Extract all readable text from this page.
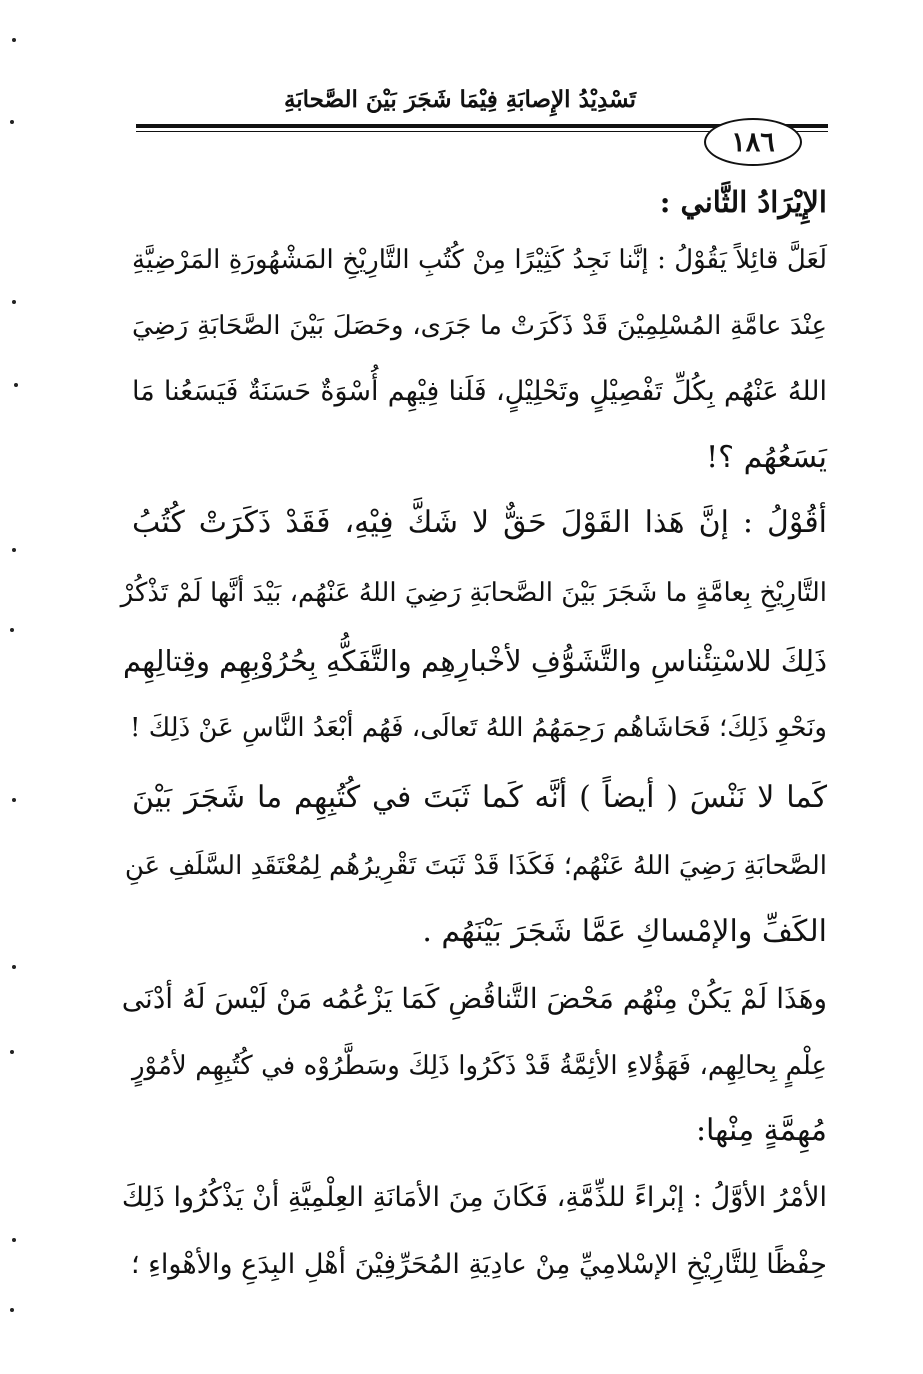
تَسْدِيْدُ الإِصابَةِ فِيْمَا شَجَرَ بَيْنَ الصَّحابَةِ
١٨٦
الإِيْرَادُ الثَّاني :
لَعَلَّ قائِلاً يَقُوْلُ : إنَّنا نَجِدُ كَثِيْرًا مِنْ كُتُبِ التَّارِيْخِ المَشْهُورَةِ المَرْضِيَّةِ
عِنْدَ عامَّةِ المُسْلِمِيْنَ قَدْ ذَكَرَتْ ما جَرَى، وحَصَلَ بَيْنَ الصَّحَابَةِ رَضِيَ
اللهُ عَنْهُم بِكُلِّ تَفْصِيْلٍ وتَحْلِيْلٍ، فَلَنا فِيْهِم أُسْوَةٌ حَسَنَةٌ فَيَسَعُنا مَا
يَسَعُهُم ؟!
أقُوْلُ : إنَّ هَذا القَوْلَ حَقٌّ لا شَكَّ فِيْهِ، فَقَدْ ذَكَرَتْ كُتُبُ
التَّارِيْخِ بِعامَّةٍ ما شَجَرَ بَيْنَ الصَّحابَةِ رَضِيَ اللهُ عَنْهُم، بَيْدَ أنَّها لَمْ تَذْكُرْ
ذَلِكَ للاسْتِئْناسِ والتَّشَوُّفِ لأخْبارِهِم والتَّفَكُّهِ بِحُرُوْبِهِم وقِتالِهِم
ونَحْوِ ذَلِكَ؛ فَحَاشَاهُم رَحِمَهُمُ اللهُ تَعالَى، فَهُم أبْعَدُ النَّاسِ عَنْ ذَلِكَ !
كَما لا نَنْسَ ( أيضاً ) أنَّه كَما ثَبَتَ في كُتُبِهِم ما شَجَرَ بَيْنَ
الصَّحابَةِ رَضِيَ اللهُ عَنْهُم؛ فَكَذَا قَدْ ثَبَتَ تَقْرِيرُهُم لِمُعْتَقَدِ السَّلَفِ عَنِ
الكَفِّ والإمْساكِ عَمَّا شَجَرَ بَيْنَهُم .
وهَذَا لَمْ يَكُنْ مِنْهُم مَحْضَ التَّناقُضِ كَمَا يَزْعُمُه مَنْ لَيْسَ لَهُ أدْنَى
عِلْمٍ بِحالِهِم، فَهَؤُلاءِ الأئِمَّةُ قَدْ ذَكَرُوا ذَلِكَ وسَطَّرُوْه في كُتُبِهِم لأمُوْرٍ
مُهِمَّةٍ مِنْها:
الأمْرُ الأوَّلُ : إبْراءً للذِّمَّةِ، فَكَانَ مِنَ الأمَانَةِ العِلْمِيَّةِ أنْ يَذْكُرُوا ذَلِكَ
حِفْظًا لِلتَّارِيْخِ الإسْلامِيِّ مِنْ عادِيَةِ المُحَرِّفِيْنَ أهْلِ البِدَعِ والأهْواءِ ؛
